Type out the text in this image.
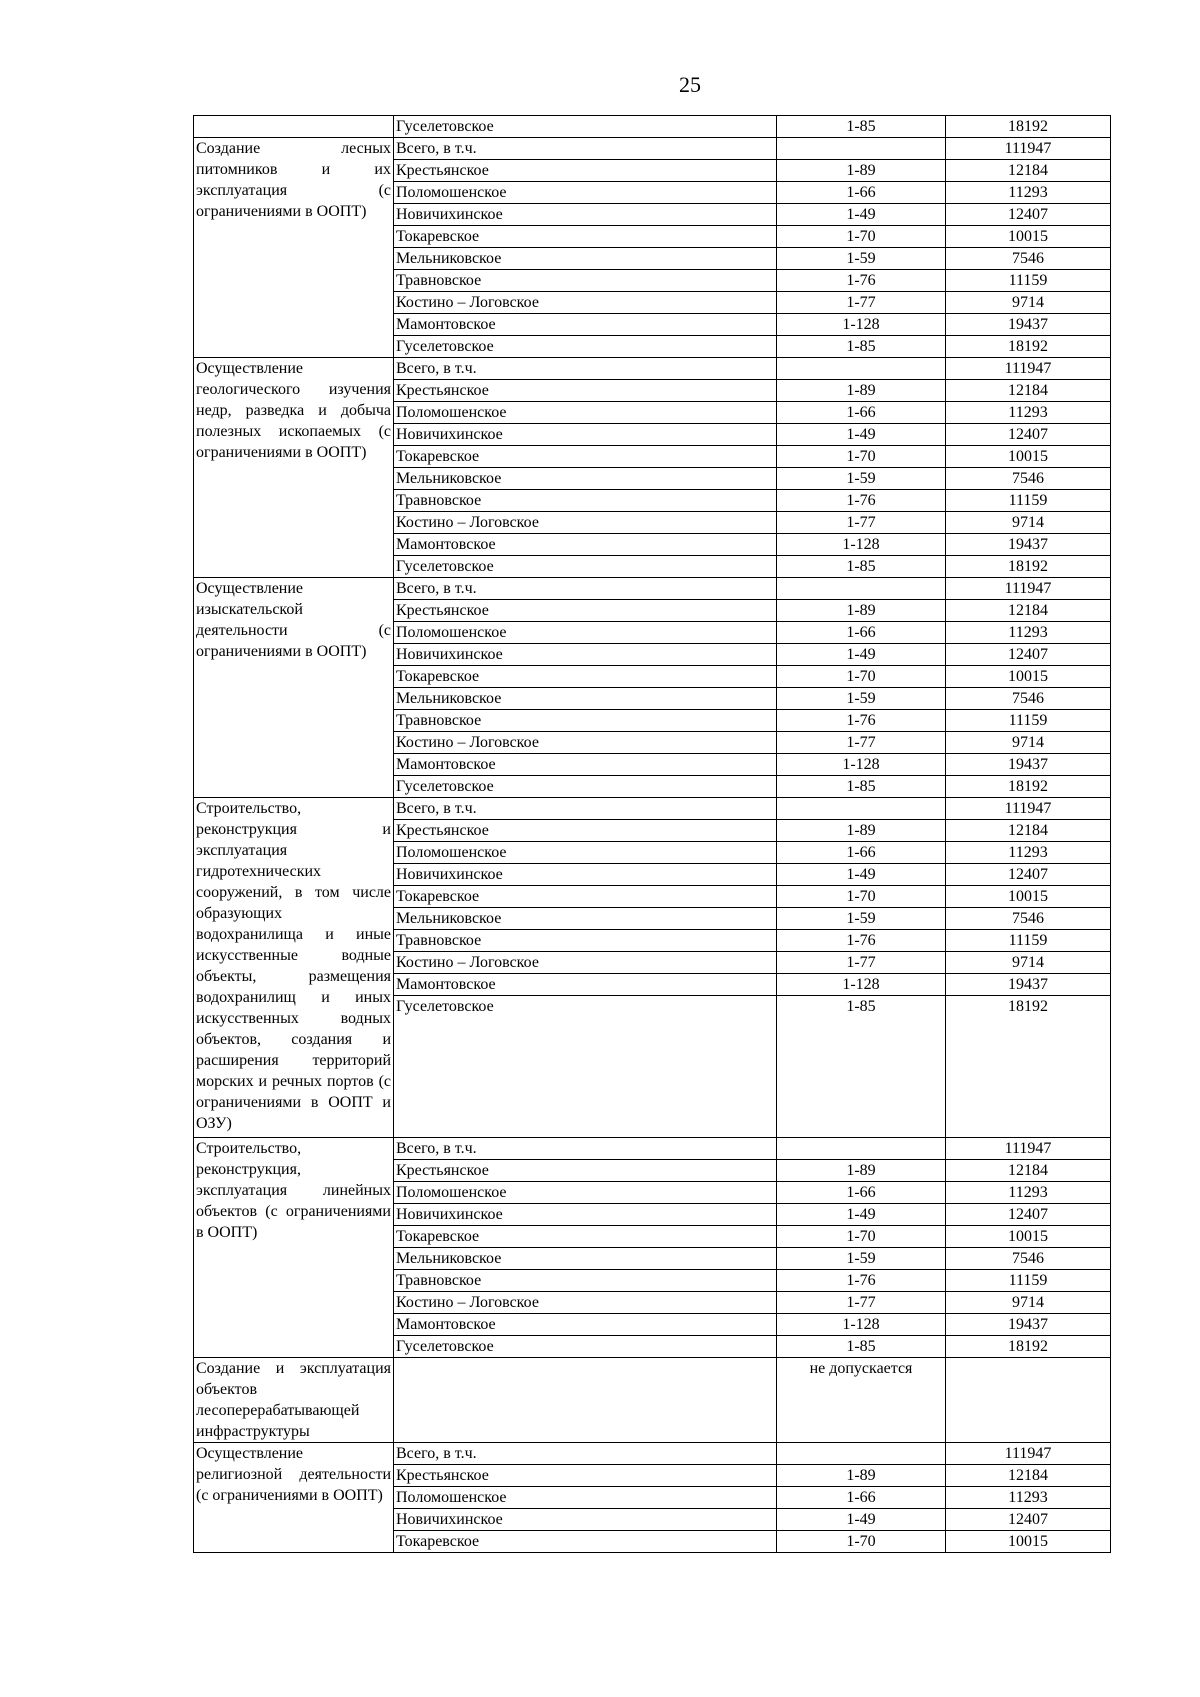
25
	Гуселетовское	1-85	18192
Создание лесных питомников и их эксплуатация (с ограничениями в ООПТ)	Всего, в т.ч.		111947
	Крестьянское	1-89	12184
	Поломошенское	1-66	11293
	Новичихинское	1-49	12407
	Токаревское	1-70	10015
	Мельниковское	1-59	7546
	Травновское	1-76	11159
	Костино – Логовское	1-77	9714
	Мамонтовское	1-128	19437
	Гуселетовское	1-85	18192
Осуществление геологического изучения недр, разведка и добыча полезных ископаемых (с ограничениями в ООПТ)	Всего, в т.ч.		111947
	Крестьянское	1-89	12184
	Поломошенское	1-66	11293
	Новичихинское	1-49	12407
	Токаревское	1-70	10015
	Мельниковское	1-59	7546
	Травновское	1-76	11159
	Костино – Логовское	1-77	9714
	Мамонтовское	1-128	19437
	Гуселетовское	1-85	18192
Осуществление изыскательской деятельности (с ограничениями в ООПТ)	Всего, в т.ч.		111947
	Крестьянское	1-89	12184
	Поломошенское	1-66	11293
	Новичихинское	1-49	12407
	Токаревское	1-70	10015
	Мельниковское	1-59	7546
	Травновское	1-76	11159
	Костино – Логовское	1-77	9714
	Мамонтовское	1-128	19437
	Гуселетовское	1-85	18192
Строительство, реконструкция и эксплуатация гидротехнических сооружений, в том числе образующих водохранилища и иные искусственные водные объекты, размещения водохранилищ и иных искусственных водных объектов, создания и расширения территорий морских и речных портов (с ограничениями в ООПТ и ОЗУ)	Всего, в т.ч.		111947
	Крестьянское	1-89	12184
	Поломошенское	1-66	11293
	Новичихинское	1-49	12407
	Токаревское	1-70	10015
	Мельниковское	1-59	7546
	Травновское	1-76	11159
	Костино – Логовское	1-77	9714
	Мамонтовское	1-128	19437
	Гуселетовское	1-85	18192
Строительство, реконструкция, эксплуатация линейных объектов (с ограничениями в ООПТ)	Всего, в т.ч.		111947
	Крестьянское	1-89	12184
	Поломошенское	1-66	11293
	Новичихинское	1-49	12407
	Токаревское	1-70	10015
	Мельниковское	1-59	7546
	Травновское	1-76	11159
	Костино – Логовское	1-77	9714
	Мамонтовское	1-128	19437
	Гуселетовское	1-85	18192
Создание и эксплуатация объектов лесоперерабатывающей инфраструктуры		не допускается	
Осуществление религиозной деятельности (с ограничениями в ООПТ)	Всего, в т.ч.		111947
	Крестьянское	1-89	12184
	Поломошенское	1-66	11293
	Новичихинское	1-49	12407
	Токаревское	1-70	10015
